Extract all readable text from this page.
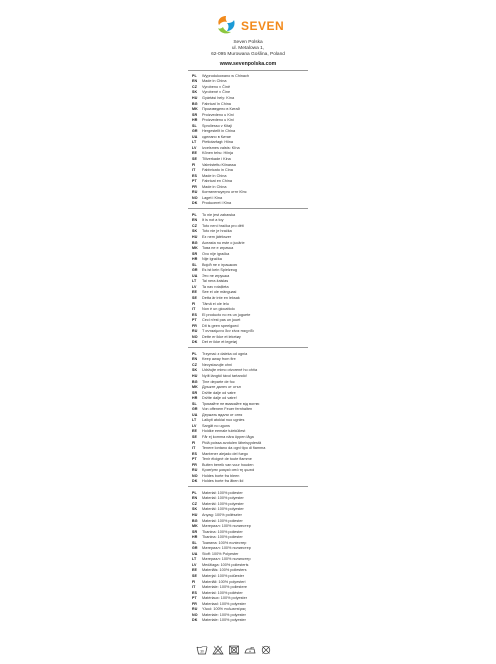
SEVEN
Seven Polska
ul. Metalowa 1,
62-095 Murowana Goślina, Poland
www.sevenpolska.com
PL	Wyprodukowano w Chinach
EN	Made in China
CZ	Vyrobeno v Číně
SK	Vyrobené v Číne
HU	Gyártási hely: Kína
BG	Fabricat în China
MK	Произведено в Китай
SR	Proizvedeno u Kini
HR	Proizvedeno u Kini
SL	Sproliesso v Kitaji
GR	Hergestellt in China
UA	сделано в Китае
LT	Pietiotarfagt: Hiina
LV	Izcelsmes valsts: Kīna
EE	Kõnen tehu: Hiinja
SE	Tillverkade i Kina
FI	Valmistettu Kiinassa
IT	Fabbricato in Cina
ES	Made in China
PT	Fabricat en China
FR	Made in China
RU	Континенсуерго отнг Кїнс
NO	Laget i Kina
DK	Produceret i Kina
PL	To nie jest zabawka
EN	It is not a toy
CZ	Toto není hračka pro děti
SK	Toto nie je hračka
HU	Ez nem játékszer
BG	Aceasta nu este o jucărie
MK	Това не е играчка
SR	Ovo nije igračka
HR	Nije igračka
SL	Вијоћ не є іграшкою
GR	Es ist kein Spielzeug
UA	Это не игрушка
LT	Tai nera žaislas
LV	Ta nav rotaļlieta
EE	See ei ole mänguasi
SE	Detta är inte en leksak
FI	Tämä ei ole lelu
IT	Non è un giocattolo
ES	El producto no es un juguete
PT	Ceci n'est pas un jouet
FR	Dit is geen speelgoed
RU	Τ αντικείμενο δεν είναι παιχνίδι
NO	Dette er ikke et leketøy
DK	Det er ikke et legetøj
PL	Trzymać z daleka od ognia
EN	Keep away from fire
CZ	Nevystavujte ohni
SK	Udržujte mimo otvorené ho ohňa
HU	Nyílt lángtól távol tartandó!
BG	Ține departe de foc
MK	Дръжте далеч от огън
SR	Držite dalje od vatre
HR	Držite dalje od vatre!
SL	Тримайте не вмикайте від вогню
GR	Von offenem Feuer fernhalten
UA	Держать вдали от огня
LT	Laikyti atokiai nuo ugnies
LV	Sargāt no uguns
EE	Hoidke eemale tuleküllest
SE	Får ej komma nära öppen låga
FI	Pidä poissa avotulen läheisyydestä
IT	Tenere lontano da ogni tipo di fiamma
ES	Mantener alejado del fuego
PT	Tenir éloigné de toute flamme
FR	Buiten bereik van vuur houden
RU	Κρατήστε μακριά από τη φωτιά
NO	Holdes borte fra bleen
DK	Holdes borte fra åben ild
PL	Materiał: 100% poliester
EN	Material: 100% polyester
CZ	Materiál: 100% polyester
SK	Materiál: 100% polyester
HU	Anyag: 100% poliészter
BG	Material: 100% poliester
MK	Материал: 100% полиестер
SR	Tkanina: 100% poliester
HR	Tkanina: 100% poliester
SL	Тканина: 100% поліестер
GR	Материал: 100% полиестер
UA	Stoff: 100% Polyester
LT	Материал: 100% полиэстер
LV	Medžiaga: 100% poliesteris
EE	Materiāls: 100% poliesters
SE	Materjal: 100% polüester
FI	Materiāli: 100% polyesteri
IT	Materiale: 100% poliestere
ES	Material: 100% poliéster
PT	Matériaux: 100% polyester
FR	Materiaal: 100% polyester
RU	Υλικό: 100% πολυεστέρας
NO	Materiale: 100% polyester
DK	Materiale: 100% polyester
30
